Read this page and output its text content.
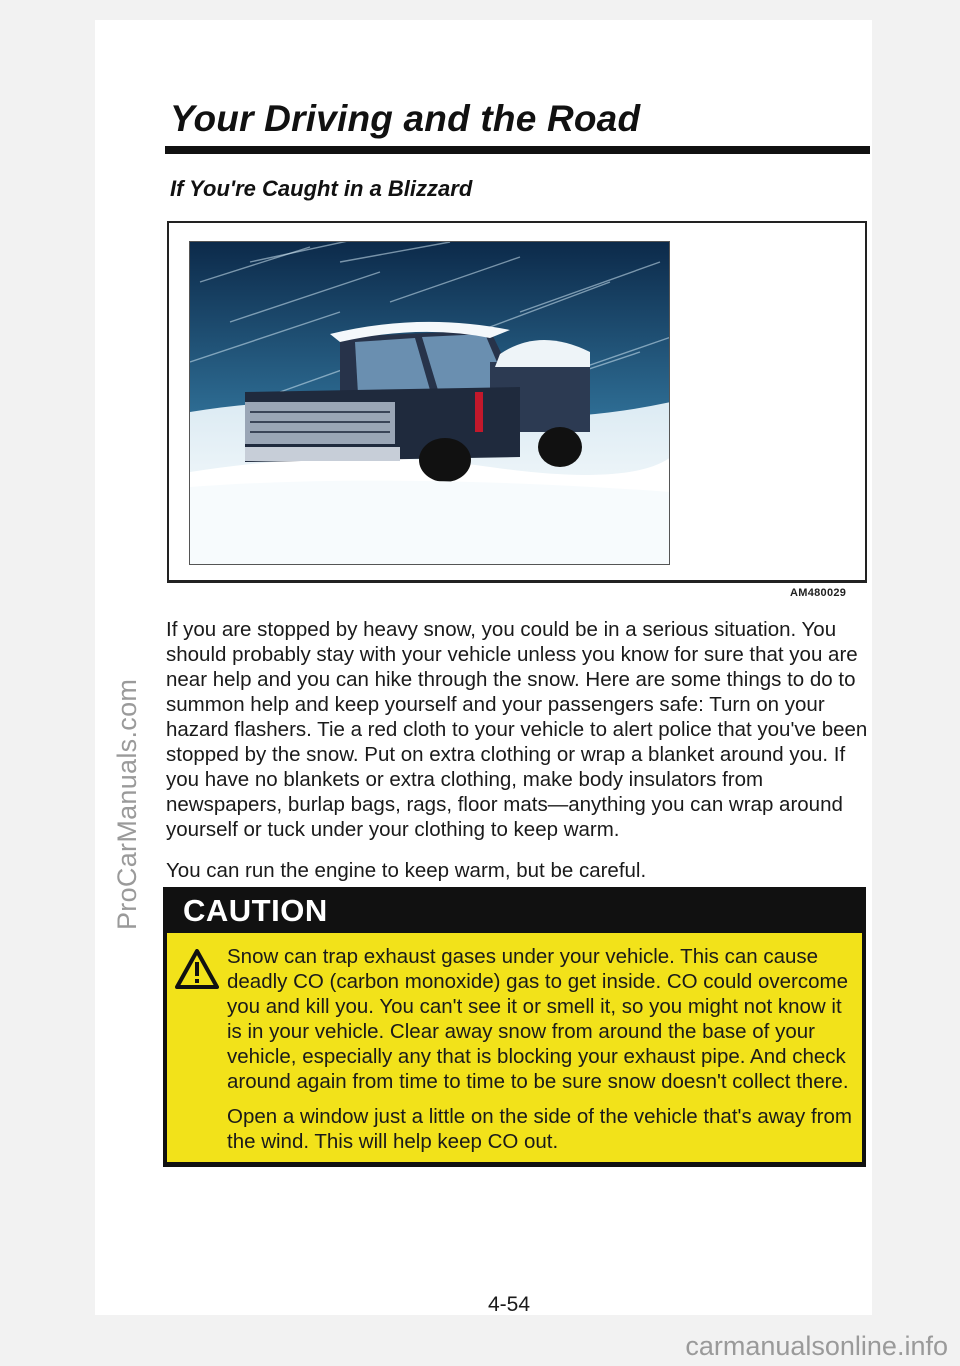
ProCarManuals.com
Your Driving and the Road
If You're Caught in a Blizzard
AM480029

If you are stopped by heavy snow, you could be in a serious situation. You should probably stay with your vehicle unless you know for sure that you are near help and you can hike through the snow. Here are some things to do to summon help and keep yourself and your passengers safe: Turn on your hazard flashers. Tie a red cloth to your vehicle to alert police that you've been stopped by the snow. Put on extra clothing or wrap a blanket around you. If you have no blankets or extra clothing, make body insulators from newspapers, burlap bags, rags, floor mats—anything you can wrap around yourself or tuck under your clothing to keep warm.

You can run the engine to keep warm, but be careful.

CAUTION

Snow can trap exhaust gases under your vehicle. This can cause deadly CO (carbon monoxide) gas to get inside. CO could overcome you and kill you. You can't see it or smell it, so you might not know it is in your vehicle. Clear away snow from around the base of your vehicle, especially any that is blocking your exhaust pipe. And check around again from time to time to be sure snow doesn't collect there.

Open a window just a little on the side of the vehicle that's away from the wind. This will help keep CO out.

4-54
carmanualsonline.info
